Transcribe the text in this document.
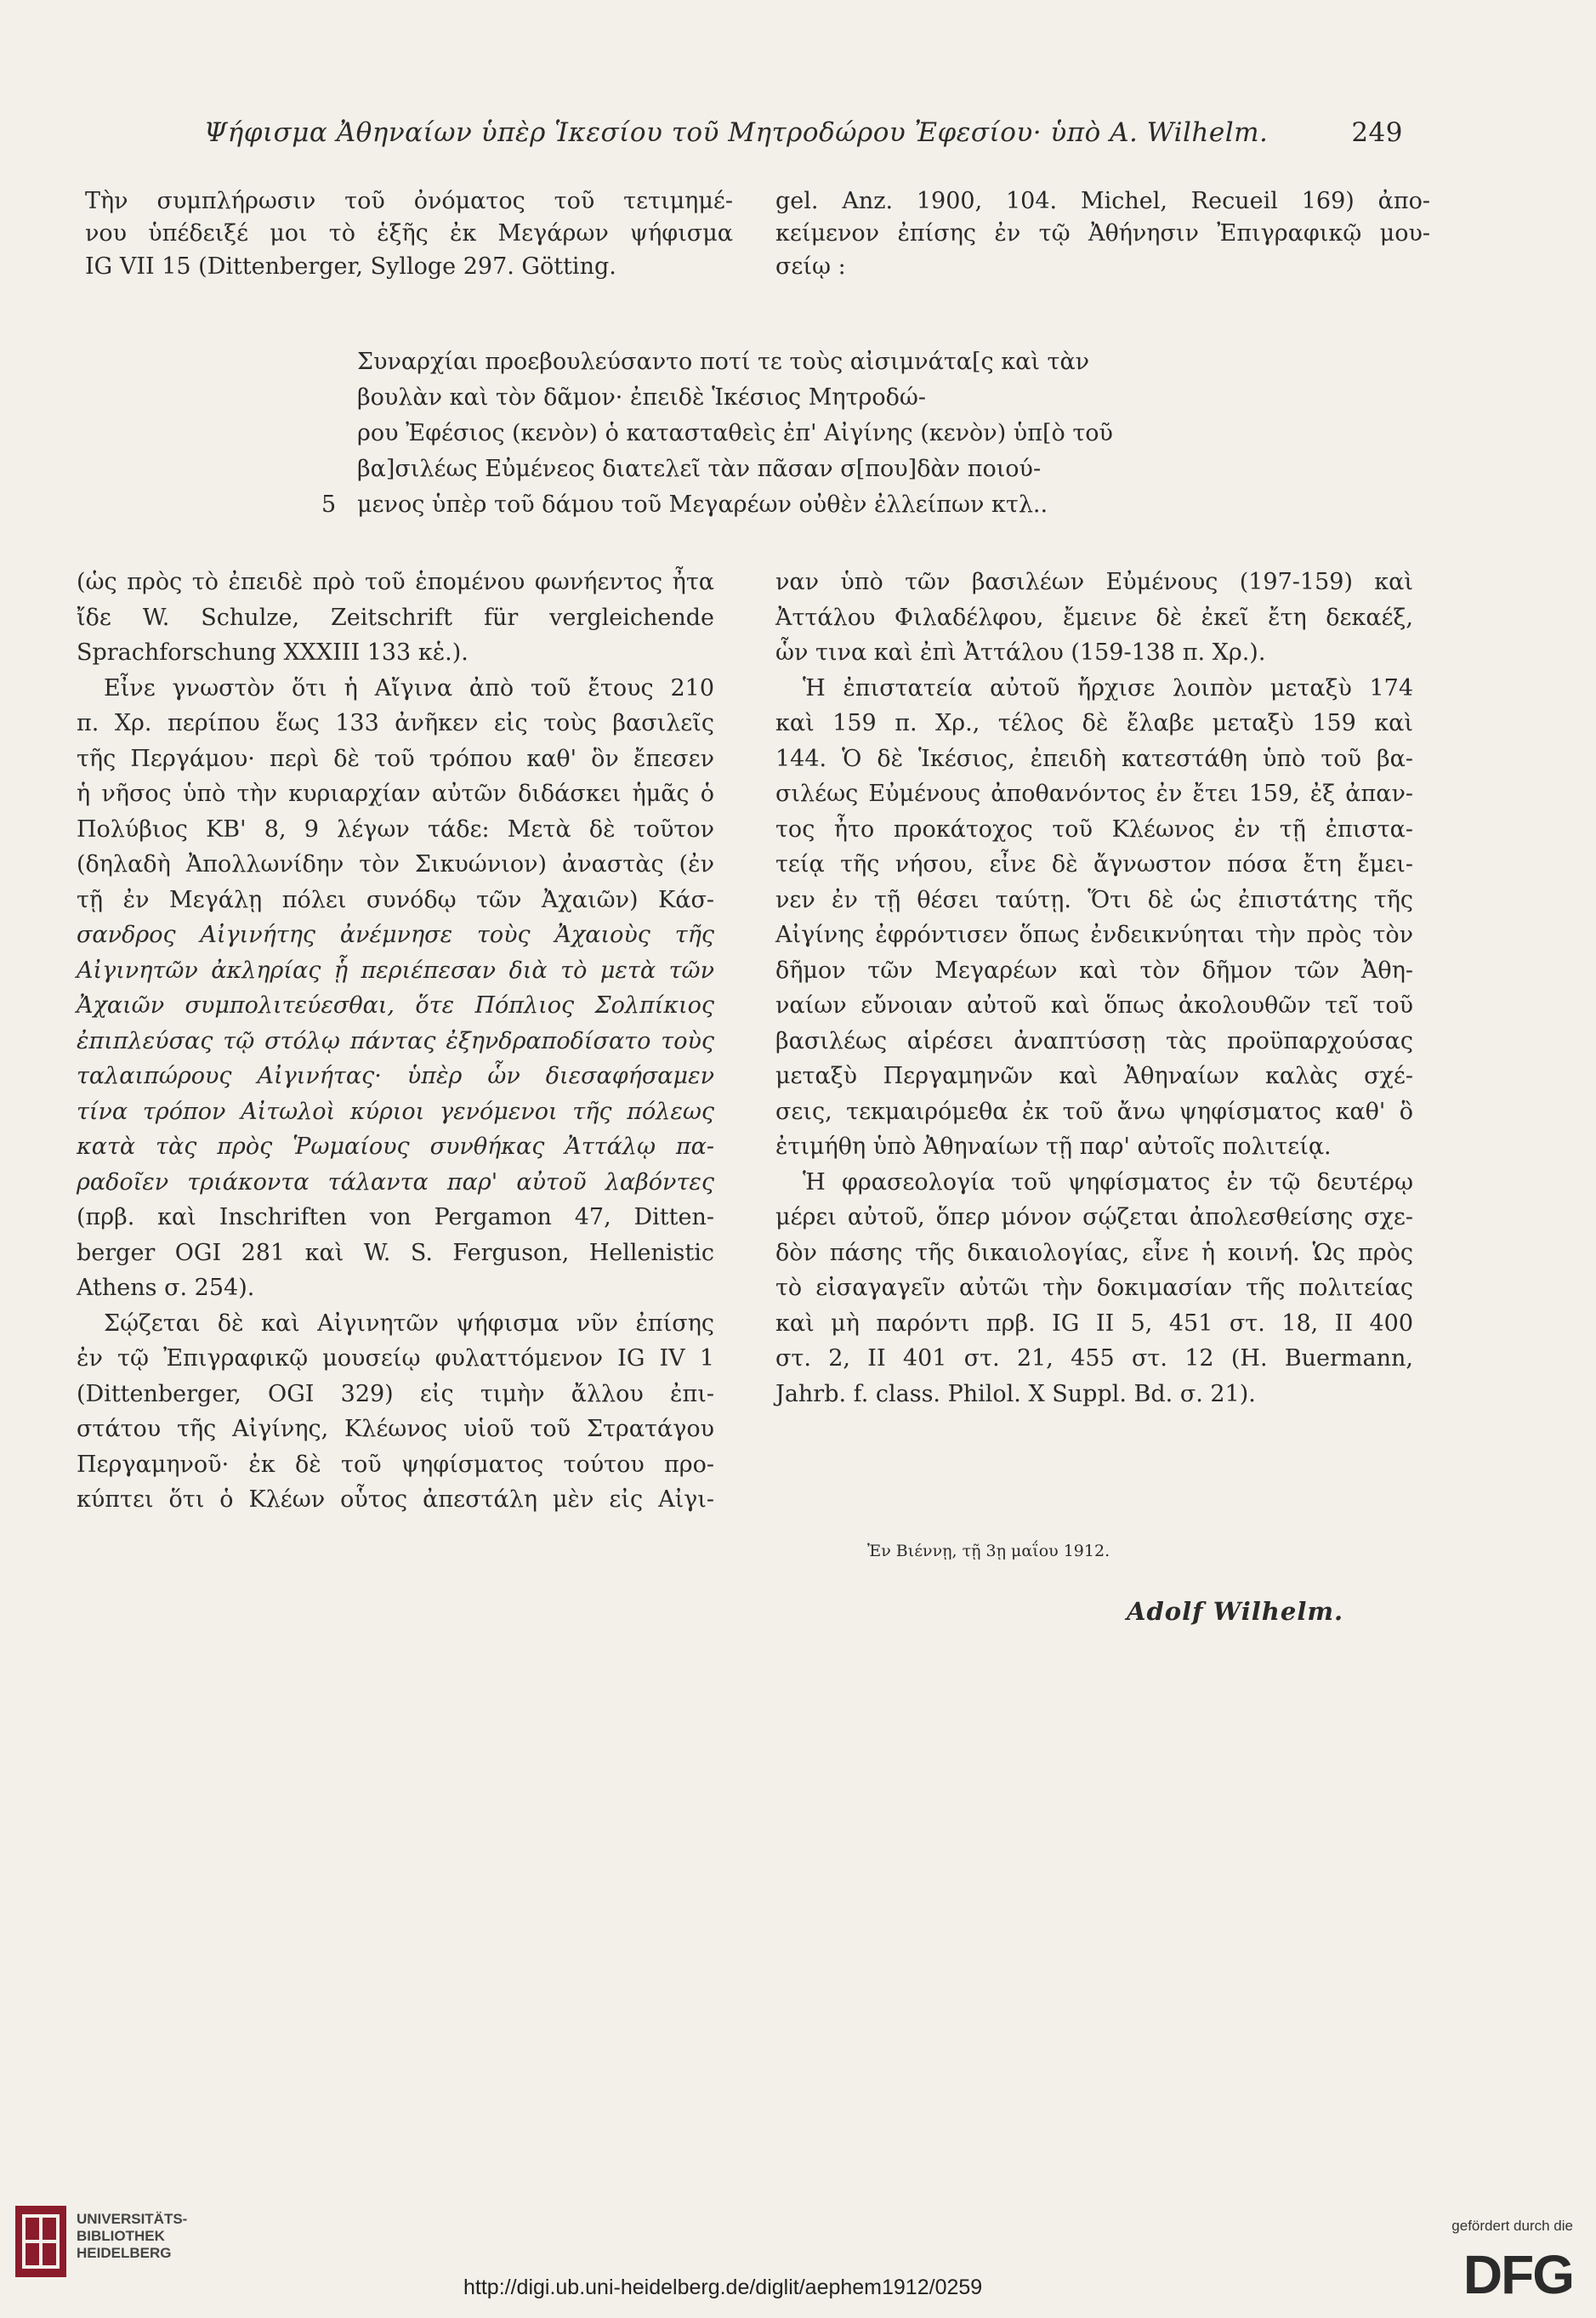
Ψήφισμα Ἀθηναίων ὑπὲρ Ἱκεσίου τοῦ Μητροδώρου Ἐφεσίου· ὑπὸ A. Wilhelm.	249
Τὴν συμπλήρωσιν τοῦ ὀνόματος τοῦ τετιμημέ-
νου ὑπέδειξέ μοι τὸ ἑξῆς ἐκ Μεγάρων ψήφισμα
IG VII 15 (Dittenberger, Sylloge 297. Götting.
gel. Anz. 1900, 104. Michel, Recueil 169) ἀπο-
κείμενον ἐπίσης ἐν τῷ Ἀθήνησιν Ἐπιγραφικῷ μου-
σείῳ :
Συναρχίαι προεβουλεύσαντο ποτί τε τοὺς αἰσιμνάτα[ς καὶ τὰν
βουλὰν καὶ τὸν δᾶμον· ἐπειδὲ Ἱκέσιος Μητροδώ-
ρου Ἐφέσιος (κενὸν) ὁ κατασταθεὶς ἐπ' Αἰγίνης (κενὸν) ὑπ[ὸ τοῦ
βα]σιλέως Εὐμένεος διατελεῖ τὰν πᾶσαν σ[που]δὰν ποιού-
5 μενος ὑπὲρ τοῦ δάμου τοῦ Μεγαρέων οὐθὲν ἐλλείπων κτλ..
(ὡς πρὸς τὸ ἐπειδὲ πρὸ τοῦ ἑπομένου φωνήεντος ἦτα
ἴδε W. Schulze, Zeitschrift für vergleichende
Sprachforschung XXXIII 133 κἑ.).
Εἶνε γνωστὸν ὅτι ἡ Αἴγινα ἀπὸ τοῦ ἔτους 210
π. Χρ. περίπου ἕως 133 ἀνῆκεν εἰς τοὺς βασιλεῖς
τῆς Περγάμου· περὶ δὲ τοῦ τρόπου καθ' ὃν ἔπεσεν
ἡ νῆσος ὑπὸ τὴν κυριαρχίαν αὐτῶν διδάσκει ἡμᾶς ὁ
Πολύβιος ΚΒ' 8, 9 λέγων τάδε: Μετὰ δὲ τοῦτον
(δηλαδὴ Ἀπολλωνίδην τὸν Σικυώνιον) ἀναστὰς (ἐν
τῇ ἐν Μεγάλῃ πόλει συνόδῳ τῶν Ἀχαιῶν) Κάσ-
σανδρος Αἰγινήτης ἀνέμνησε τοὺς Ἀχαιοὺς τῆς
Αἰγινητῶν ἀκληρίας ᾗ περιέπεσαν διὰ τὸ μετὰ τῶν
Ἀχαιῶν συμπολιτεύεσθαι, ὅτε Πόπλιος Σολπίκιος
ἐπιπλεύσας τῷ στόλῳ πάντας ἐξηνδραποδίσατο τοὺς
ταλαιπώρους Αἰγινήτας· ὑπὲρ ὧν διεσαφήσαμεν
τίνα τρόπον Αἰτωλοὶ κύριοι γενόμενοι τῆς πόλεως
κατὰ τὰς πρὸς Ῥωμαίους συνθήκας Ἀττάλῳ πα-
ραδοῖεν τριάκοντα τάλαντα παρ' αὐτοῦ λαβόντες
(πρβ. καὶ Inschriften von Pergamon 47, Ditten-
berger OGI 281 καὶ W. S. Ferguson, Hellenistic
Athens σ. 254).
Σῴζεται δὲ καὶ Αἰγινητῶν ψήφισμα νῦν ἐπίσης
ἐν τῷ Ἐπιγραφικῷ μουσείῳ φυλαττόμενον IG IV 1
(Dittenberger, OGI 329) εἰς τιμὴν ἄλλου ἐπι-
στάτου τῆς Αἰγίνης, Κλέωνος υἱοῦ τοῦ Στρατάγου
Περγαμηνοῦ· ἐκ δὲ τοῦ ψηφίσματος τούτου προ-
κύπτει ὅτι ὁ Κλέων οὗτος ἀπεστάλη μὲν εἰς Αἰγι-
ναν ὑπὸ τῶν βασιλέων Εὐμένους (197-159) καὶ
Ἀττάλου Φιλαδέλφου, ἔμεινε δὲ ἐκεῖ ἔτη δεκαέξ,
ὧν τινα καὶ ἐπὶ Ἀττάλου (159-138 π. Χρ.).
Ἡ ἐπιστατεία αὐτοῦ ἤρχισε λοιπὸν μεταξὺ 174
καὶ 159 π. Χρ., τέλος δὲ ἔλαβε μεταξὺ 159 καὶ
144. Ὁ δὲ Ἱκέσιος, ἐπειδὴ κατεστάθη ὑπὸ τοῦ βα-
σιλέως Εὐμένους ἀποθανόντος ἐν ἔτει 159, ἐξ ἀπαν-
τος ἦτο προκάτοχος τοῦ Κλέωνος ἐν τῇ ἐπιστα-
τείᾳ τῆς νήσου, εἶνε δὲ ἄγνωστον πόσα ἔτη ἔμει-
νεν ἐν τῇ θέσει ταύτῃ. Ὅτι δὲ ὡς ἐπιστάτης τῆς
Αἰγίνης ἐφρόντισεν ὅπως ἐνδεικνύηται τὴν πρὸς τὸν
δῆμον τῶν Μεγαρέων καὶ τὸν δῆμον τῶν Ἀθη-
ναίων εὔνοιαν αὐτοῦ καὶ ὅπως ἀκολουθῶν τεῖ τοῦ
βασιλέως αἱρέσει ἀναπτύσσῃ τὰς προϋπαρχούσας
μεταξὺ Περγαμηνῶν καὶ Ἀθηναίων καλὰς σχέ-
σεις, τεκμαιρόμεθα ἐκ τοῦ ἄνω ψηφίσματος καθ' ὃ
ἐτιμήθη ὑπὸ Ἀθηναίων τῇ παρ' αὐτοῖς πολιτείᾳ.
Ἡ φρασεολογία τοῦ ψηφίσματος ἐν τῷ δευτέρῳ
μέρει αὐτοῦ, ὅπερ μόνον σῴζεται ἀπολεσθείσης σχε-
δὸν πάσης τῆς δικαιολογίας, εἶνε ἡ κοινή. Ὡς πρὸς
τὸ εἰσαγαγεῖν αὐτῶι τὴν δοκιμασίαν τῆς πολιτείας
καὶ μὴ παρόντι πρβ. IG II 5, 451 στ. 18, II 400
στ. 2, II 401 στ. 21, 455 στ. 12 (H. Buermann,
Jahrb. f. class. Philol. X Suppl. Bd. σ. 21).
Ἐν Βιέννῃ, τῇ 3ῃ μαΐου 1912.
Adolf Wilhelm.
UNIVERSITÄTS-
BIBLIOTHEK
HEIDELBERG
http://digi.ub.uni-heidelberg.de/diglit/aephem1912/0259
gefördert durch die
DFG
